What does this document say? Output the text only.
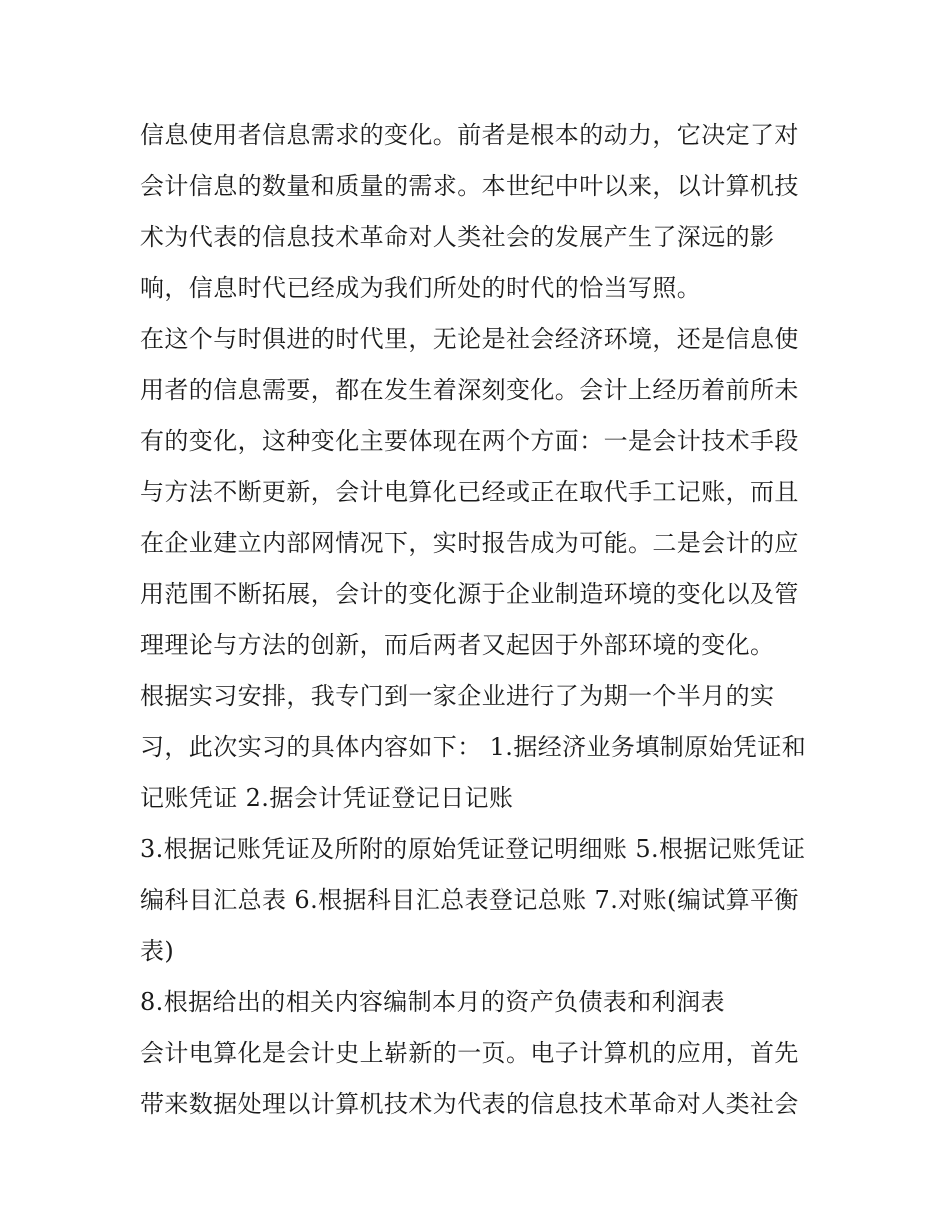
信息使用者信息需求的变化。前者是根本的动力，它决定了对
会计信息的数量和质量的需求。本世纪中叶以来，以计算机技
术为代表的信息技术革命对人类社会的发展产生了深远的影
响，信息时代已经成为我们所处的时代的恰当写照。
在这个与时俱进的时代里，无论是社会经济环境，还是信息使
用者的信息需要，都在发生着深刻变化。会计上经历着前所未
有的变化，这种变化主要体现在两个方面：一是会计技术手段
与方法不断更新，会计电算化已经或正在取代手工记账，而且
在企业建立内部网情况下，实时报告成为可能。二是会计的应
用范围不断拓展，会计的变化源于企业制造环境的变化以及管
理理论与方法的创新，而后两者又起因于外部环境的变化。
根据实习安排，我专门到一家企业进行了为期一个半月的实
习，此次实习的具体内容如下： 1.据经济业务填制原始凭证和
记账凭证 2.据会计凭证登记日记账
3.根据记账凭证及所附的原始凭证登记明细账 5.根据记账凭证
编科目汇总表 6.根据科目汇总表登记总账 7.对账(编试算平衡
表)
8.根据给出的相关内容编制本月的资产负债表和利润表
会计电算化是会计史上崭新的一页。电子计算机的应用，首先
带来数据处理以计算机技术为代表的信息技术革命对人类社会
